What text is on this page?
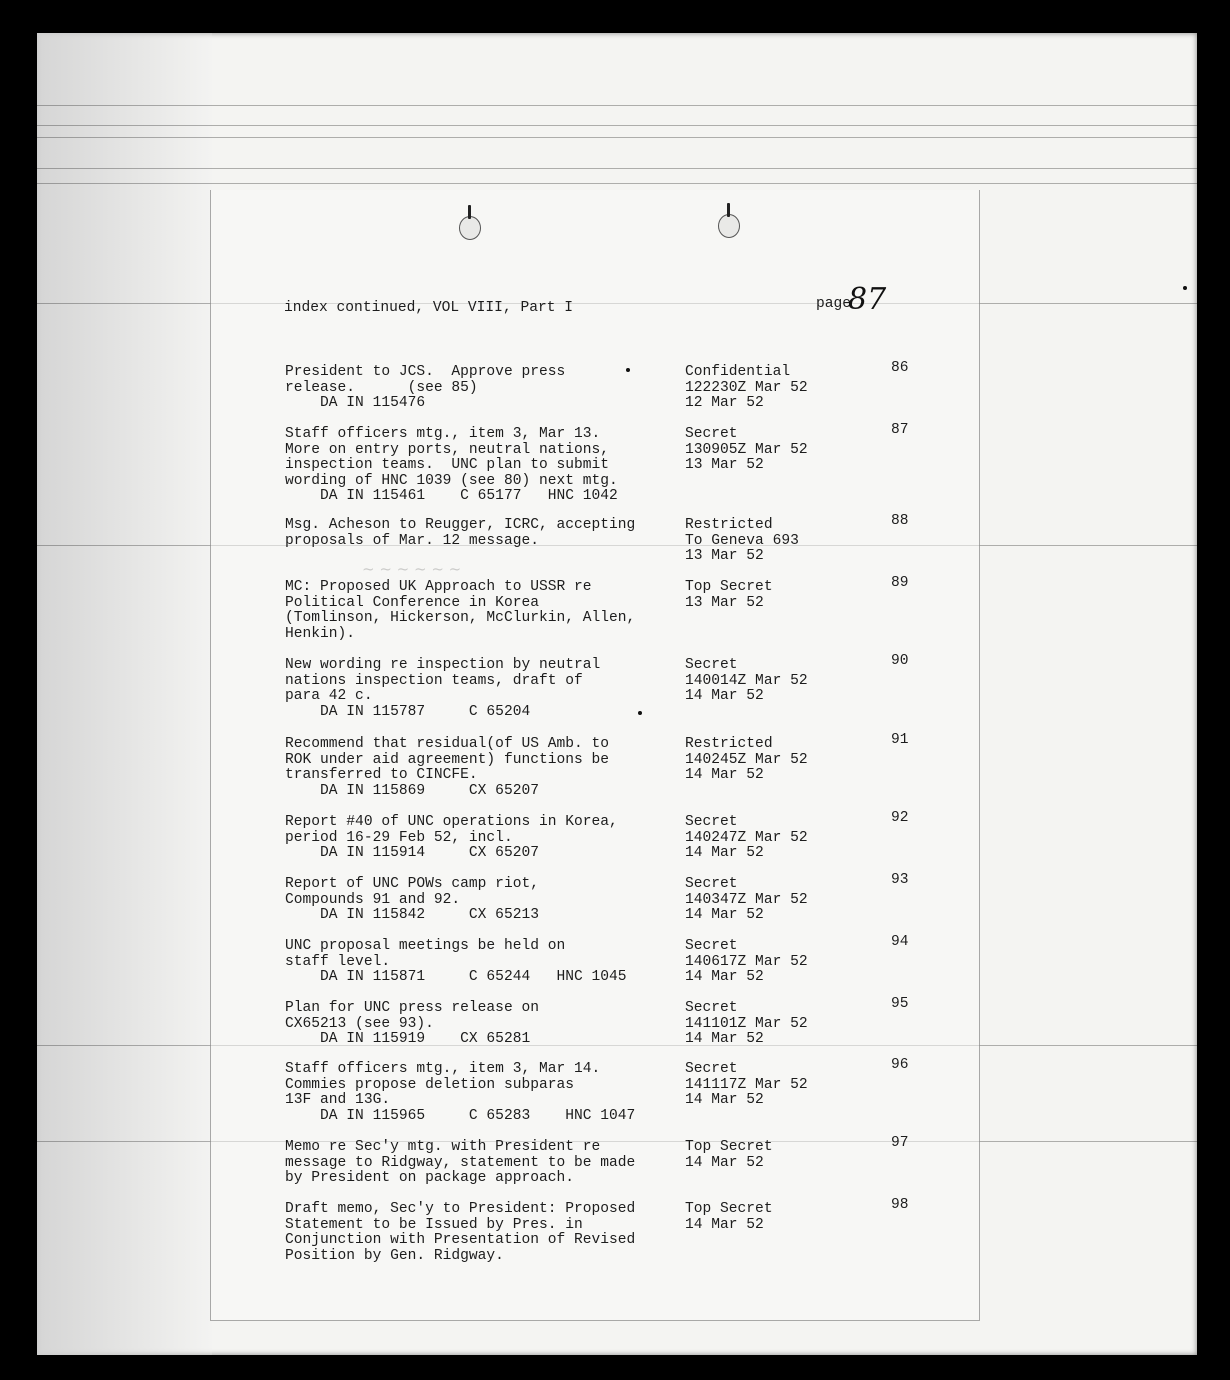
index continued, VOL VIII, Part I	page
87
~ ~ ~ ~ ~ ~
President to JCS.  Approve press
release.      (see 85)
DA IN 115476
Confidential
122230Z Mar 52
12 Mar 52
86
Staff officers mtg., item 3, Mar 13.
More on entry ports, neutral nations,
inspection teams.  UNC plan to submit
wording of HNC 1039 (see 80) next mtg.
DA IN 115461    C 65177   HNC 1042
Secret
130905Z Mar 52
13 Mar 52
87
Msg. Acheson to Reugger, ICRC, accepting
proposals of Mar. 12 message.
Restricted
To Geneva 693
13 Mar 52
88
MC: Proposed UK Approach to USSR re
Political Conference in Korea
(Tomlinson, Hickerson, McClurkin, Allen,
Henkin).
Top Secret
13 Mar 52
89
New wording re inspection by neutral
nations inspection teams, draft of
para 42 c.
DA IN 115787     C 65204
Secret
140014Z Mar 52
14 Mar 52
90
Recommend that residual(of US Amb. to
ROK under aid agreement) functions be
transferred to CINCFE.
DA IN 115869     CX 65207
Restricted
140245Z Mar 52
14 Mar 52
91
Report #40 of UNC operations in Korea,
period 16-29 Feb 52, incl.
DA IN 115914     CX 65207
Secret
140247Z Mar 52
14 Mar 52
92
Report of UNC POWs camp riot,
Compounds 91 and 92.
DA IN 115842     CX 65213
Secret
140347Z Mar 52
14 Mar 52
93
UNC proposal meetings be held on
staff level.
DA IN 115871     C 65244   HNC 1045
Secret
140617Z Mar 52
14 Mar 52
94
Plan for UNC press release on
CX65213 (see 93).
DA IN 115919    CX 65281
Secret
141101Z Mar 52
14 Mar 52
95
Staff officers mtg., item 3, Mar 14.
Commies propose deletion subparas
13F and 13G.
DA IN 115965     C 65283    HNC 1047
Secret
141117Z Mar 52
14 Mar 52
96
Memo re Sec'y mtg. with President re
message to Ridgway, statement to be made
by President on package approach.
Top Secret
14 Mar 52
97
Draft memo, Sec'y to President: Proposed
Statement to be Issued by Pres. in
Conjunction with Presentation of Revised
Position by Gen. Ridgway.
Top Secret
14 Mar 52
98
